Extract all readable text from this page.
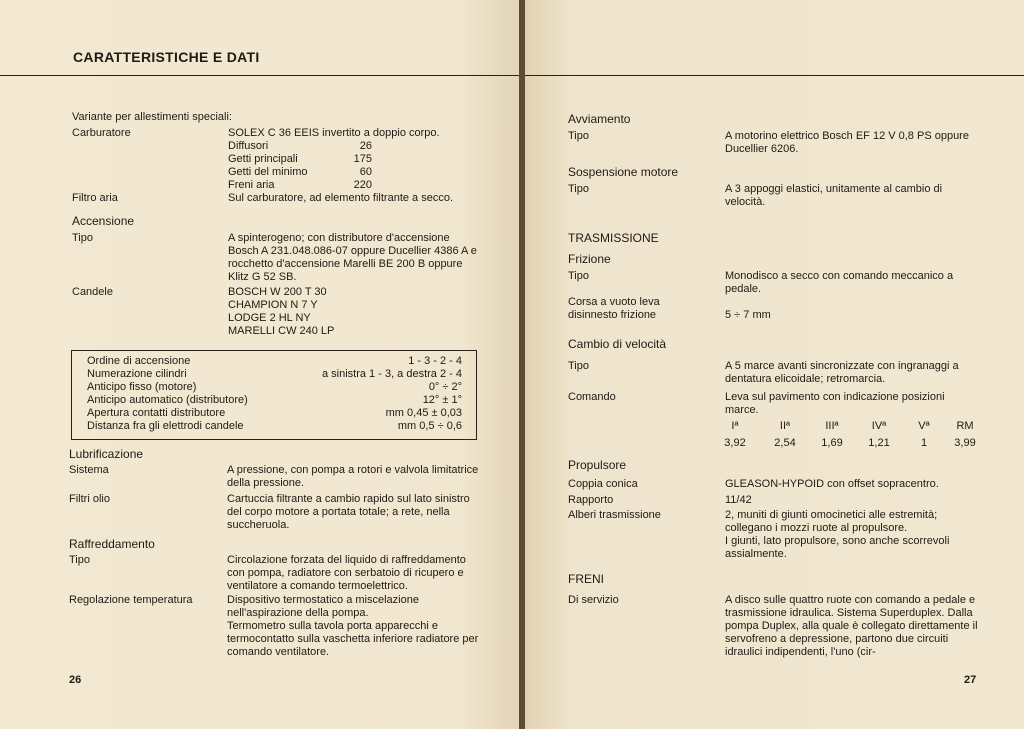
CARATTERISTICHE E DATI
Variante per allestimenti speciali:
Carburatore	SOLEX C 36 EEIS invertito a doppio corpo.
Diffusori	26
Getti principali	175
Getti del minimo	60
Freni aria	220
Filtro aria	Sul carburatore, ad elemento filtrante a secco.
Accensione
Tipo	A spinterogeno; con distributore d'accensione Bosch A 231.048.086-07 oppure Ducellier 4386 A e rocchetto d'accensione Marelli BE 200 B oppure Klitz G 52 SB.
Candele	BOSCH W 200 T 30
CHAMPION N 7 Y
LODGE 2 HL NY
MARELLI CW 240 LP
Ordine di accensione	1 - 3 - 2 - 4
Numerazione cilindri	a sinistra 1 - 3, a destra 2 - 4
Anticipo fisso (motore)	0° ÷ 2°
Anticipo automatico (distributore)	12° ± 1°
Apertura contatti distributore	mm 0,45 ± 0,03
Distanza fra gli elettrodi candele	mm 0,5 ÷ 0,6
Lubrificazione
Sistema	A pressione, con pompa a rotori e valvola limitatrice della pressione.
Filtri olio	Cartuccia filtrante a cambio rapido sul lato sinistro del corpo motore a portata totale; a rete, nella succheruola.
Raffreddamento
Tipo	Circolazione forzata del liquido di raffreddamento con pompa, radiatore con serbatoio di ricupero e ventilatore a comando termoelettrico.
Regolazione temperatura	Dispositivo termostatico a miscelazione nell'aspirazione della pompa.
Termometro sulla tavola porta apparecchi e termocontatto sulla vaschetta inferiore radiatore per comando ventilatore.
26
Avviamento
Tipo	A motorino elettrico Bosch EF 12 V 0,8 PS oppure Ducellier 6206.
Sospensione motore
Tipo	A 3 appoggi elastici, unitamente al cambio di velocità.
TRASMISSIONE
Frizione
Tipo	Monodisco a secco con comando meccanico a pedale.
Corsa a vuoto leva disinnesto frizione	5 ÷ 7 mm
Cambio di velocità
Tipo	A 5 marce avanti sincronizzate con ingranaggi a dentatura elicoidale; retromarcia.
Comando	Leva sul pavimento con indicazione posizioni marce.
Iª	IIª	IIIª	IVª	Vª	RM
3,92	2,54	1,69	1,21	1	3,99
Propulsore
Coppia conica	GLEASON-HYPOID con offset sopracentro.
Rapporto	11/42
Alberi trasmissione	2, muniti di giunti omocinetici alle estremità; collegano i mozzi ruote al propulsore.
I giunti, lato propulsore, sono anche scorrevoli assialmente.
FRENI
Di servizio	A disco sulle quattro ruote con comando a pedale e trasmissione idraulica. Sistema Superduplex. Dalla pompa Duplex, alla quale è collegato direttamente il servofreno a depressione, partono due circuiti idraulici indipendenti, l'uno (cir-
27
